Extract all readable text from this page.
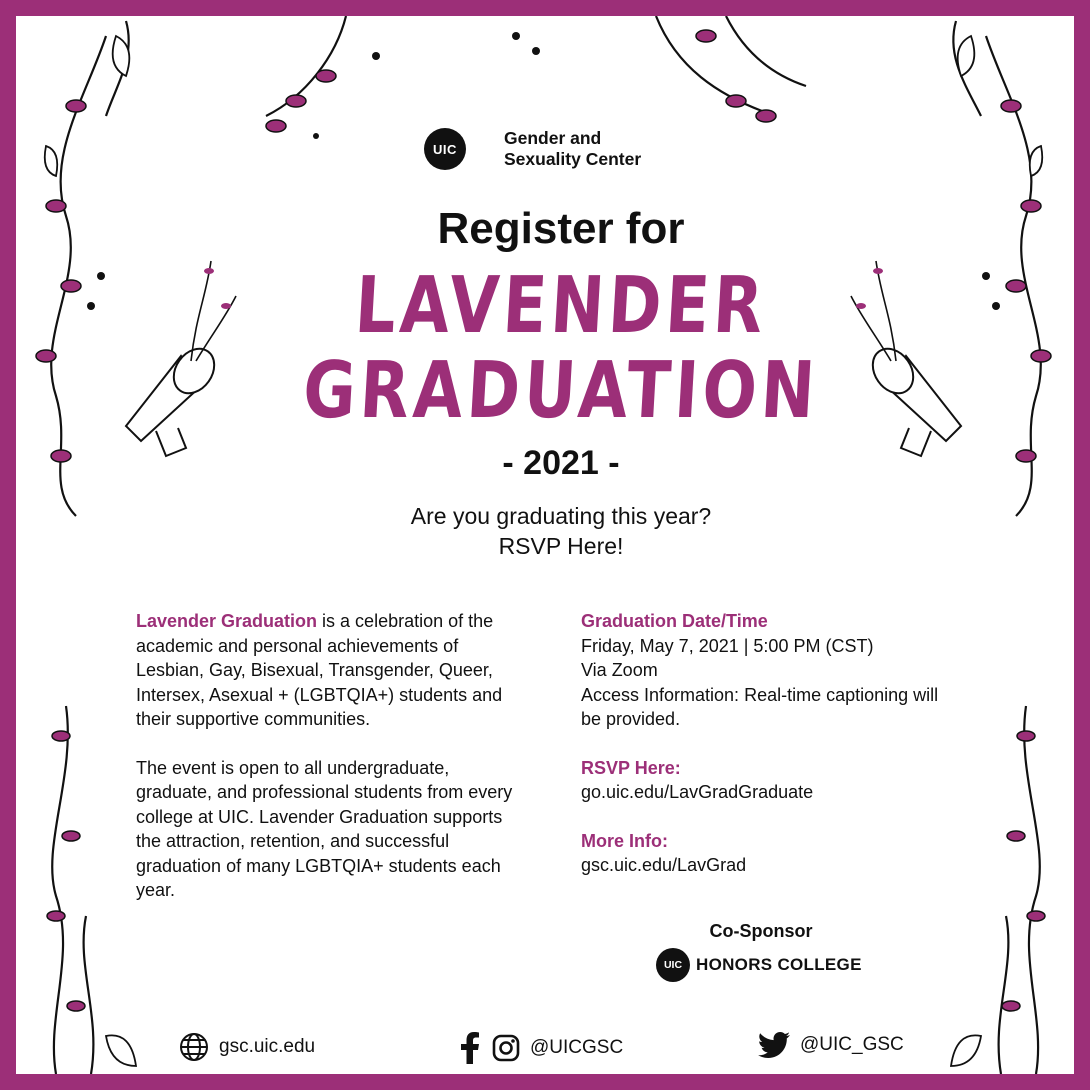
UIC
Gender and
Sexuality Center
Register for
LAVENDER
GRADUATION
- 2021 -
Are you graduating this year?
RSVP Here!

Lavender Graduation is a celebration of the academic and personal achievements of Lesbian, Gay, Bisexual, Transgender, Queer, Intersex, Asexual + (LGBTQIA+) students and their supportive communities.

The event is open to all undergraduate, graduate, and professional students from every college at UIC. Lavender Graduation supports the attraction, retention, and successful graduation of many LGBTQIA+ students each year.

Graduation Date/Time
Friday, May 7, 2021 | 5:00 PM (CST)
Via Zoom
Access Information: Real-time captioning will be provided.
RSVP Here:
go.uic.edu/LavGradGraduate
More Info:
gsc.uic.edu/LavGrad
Co-Sponsor
UIC HONORS COLLEGE
gsc.uic.edu	@UICGSC	@UIC_GSC
